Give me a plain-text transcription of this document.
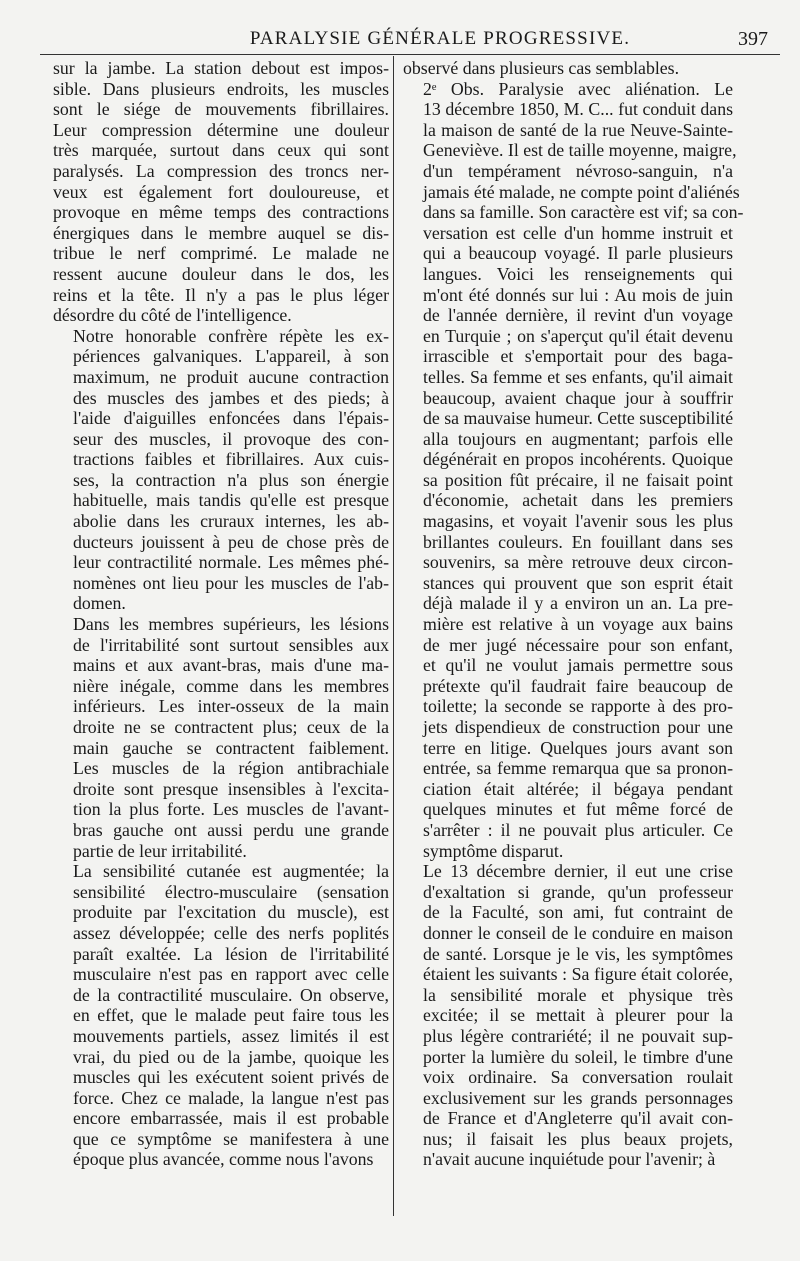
PARALYSIE GÉNÉRALE PROGRESSIVE.	397

sur la jambe. La station debout est impos-
sible. Dans plusieurs endroits, les muscles
sont le siége de mouvements fibrillaires.
Leur compression détermine une douleur
très marquée, surtout dans ceux qui sont
paralysés. La compression des troncs ner-
veux est également fort douloureuse, et
provoque en même temps des contractions
énergiques dans le membre auquel se dis-
tribue le nerf comprimé. Le malade ne
ressent aucune douleur dans le dos, les
reins et la tête. Il n'y a pas le plus léger
désordre du côté de l'intelligence.

Notre honorable confrère répète les ex-
périences galvaniques. L'appareil, à son
maximum, ne produit aucune contraction
des muscles des jambes et des pieds; à
l'aide d'aiguilles enfoncées dans l'épais-
seur des muscles, il provoque des con-
tractions faibles et fibrillaires. Aux cuis-
ses, la contraction n'a plus son énergie
habituelle, mais tandis qu'elle est presque
abolie dans les cruraux internes, les ab-
ducteurs jouissent à peu de chose près de
leur contractilité normale. Les mêmes phé-
nomènes ont lieu pour les muscles de l'ab-
domen.

Dans les membres supérieurs, les lésions
de l'irritabilité sont surtout sensibles aux
mains et aux avant-bras, mais d'une ma-
nière inégale, comme dans les membres
inférieurs. Les inter-osseux de la main
droite ne se contractent plus; ceux de la
main gauche se contractent faiblement.
Les muscles de la région antibrachiale
droite sont presque insensibles à l'excita-
tion la plus forte. Les muscles de l'avant-
bras gauche ont aussi perdu une grande
partie de leur irritabilité.

La sensibilité cutanée est augmentée; la
sensibilité électro-musculaire (sensation
produite par l'excitation du muscle), est
assez développée; celle des nerfs poplités
paraît exaltée. La lésion de l'irritabilité
musculaire n'est pas en rapport avec celle
de la contractilité musculaire. On observe,
en effet, que le malade peut faire tous les
mouvements partiels, assez limités il est
vrai, du pied ou de la jambe, quoique les
muscles qui les exécutent soient privés de
force. Chez ce malade, la langue n'est pas
encore embarrassée, mais il est probable
que ce symptôme se manifestera à une
époque plus avancée, comme nous l'avons

observé dans plusieurs cas semblables.

2ᵉ Obs. Paralysie avec aliénation. Le
13 décembre 1850, M. C... fut conduit dans
la maison de santé de la rue Neuve-Sainte-
Geneviève. Il est de taille moyenne, maigre,
d'un tempérament névroso-sanguin, n'a
jamais été malade, ne compte point d'aliénés
dans sa famille. Son caractère est vif; sa con-
versation est celle d'un homme instruit et
qui a beaucoup voyagé. Il parle plusieurs
langues. Voici les renseignements qui
m'ont été donnés sur lui : Au mois de juin
de l'année dernière, il revint d'un voyage
en Turquie ; on s'aperçut qu'il était devenu
irrascible et s'emportait pour des baga-
telles. Sa femme et ses enfants, qu'il aimait
beaucoup, avaient chaque jour à souffrir
de sa mauvaise humeur. Cette susceptibilité
alla toujours en augmentant; parfois elle
dégénérait en propos incohérents. Quoique
sa position fût précaire, il ne faisait point
d'économie, achetait dans les premiers
magasins, et voyait l'avenir sous les plus
brillantes couleurs. En fouillant dans ses
souvenirs, sa mère retrouve deux circon-
stances qui prouvent que son esprit était
déjà malade il y a environ un an. La pre-
mière est relative à un voyage aux bains
de mer jugé nécessaire pour son enfant,
et qu'il ne voulut jamais permettre sous
prétexte qu'il faudrait faire beaucoup de
toilette; la seconde se rapporte à des pro-
jets dispendieux de construction pour une
terre en litige. Quelques jours avant son
entrée, sa femme remarqua que sa pronon-
ciation était altérée; il bégaya pendant
quelques minutes et fut même forcé de
s'arrêter : il ne pouvait plus articuler. Ce
symptôme disparut.

Le 13 décembre dernier, il eut une crise
d'exaltation si grande, qu'un professeur
de la Faculté, son ami, fut contraint de
donner le conseil de le conduire en maison
de santé. Lorsque je le vis, les symptômes
étaient les suivants : Sa figure était colorée,
la sensibilité morale et physique très
excitée; il se mettait à pleurer pour la
plus légère contrariété; il ne pouvait sup-
porter la lumière du soleil, le timbre d'une
voix ordinaire. Sa conversation roulait
exclusivement sur les grands personnages
de France et d'Angleterre qu'il avait con-
nus; il faisait les plus beaux projets,
n'avait aucune inquiétude pour l'avenir; à
